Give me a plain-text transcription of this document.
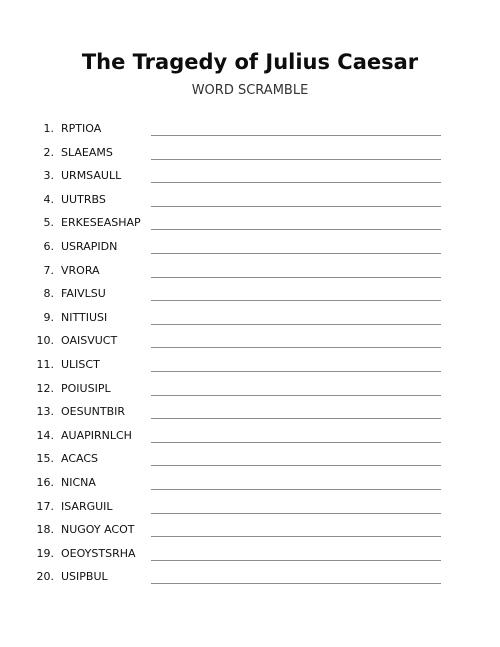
The Tragedy of Julius Caesar
WORD SCRAMBLE
1. RPTIOA
2. SLAEAMS
3. URMSAULL
4. UUTRBS
5. ERKESEASHAP
6. USRAPIDN
7. VRORA
8. FAIVLSU
9. NITTIUSI
10. OAISVUCT
11. ULISCT
12. POIUSIPL
13. OESUNTBIR
14. AUAPIRNLCH
15. ACACS
16. NICNA
17. ISARGUIL
18. NUGOY ACOT
19. OEOYSTSRHA
20. USIPBUL
